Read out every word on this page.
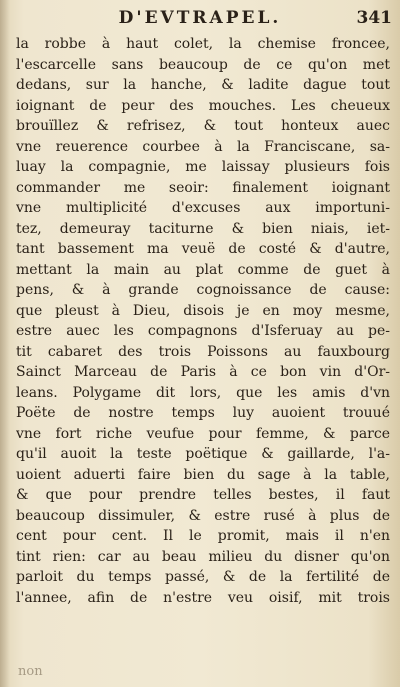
D'EVTRAPEL.	341
la robbe à haut colet, la chemise froncee,
l'escarcelle sans beaucoup de ce qu'on met
dedans, sur la hanche, & ladite dague tout
ioignant de peur des mouches. Les cheueux
brouïllez & refrisez, & tout honteux auec
vne reuerence courbee à la Franciscane, sa-
luay la compagnie, me laissay plusieurs fois
commander me seoir: finalement ioignant
vne multiplicité d'excuses aux importuni-
tez, demeuray taciturne & bien niais, iet-
tant bassement ma veuë de costé & d'autre,
mettant la main au plat comme de guet à
pens, & à grande cognoissance de cause:
que pleust à Dieu, disois je en moy mesme,
estre auec les compagnons d'Isferuay au pe-
tit cabaret des trois Poissons au fauxbourg
Sainct Marceau de Paris à ce bon vin d'Or-
leans. Polygame dit lors, que les amis d'vn
Poëte de nostre temps luy auoient trouué
vne fort riche veufue pour femme, & parce
qu'il auoit la teste poëtique & gaillarde, l'a-
uoient aduerti faire bien du sage à la table,
& que pour prendre telles bestes, il faut
beaucoup dissimuler, & estre rusé à plus de
cent pour cent. Il le promit, mais il n'en
tint rien: car au beau milieu du disner qu'on
parloit du temps passé, & de la fertilité de
l'annee, afin de n'estre veu oisif, mit trois
non
